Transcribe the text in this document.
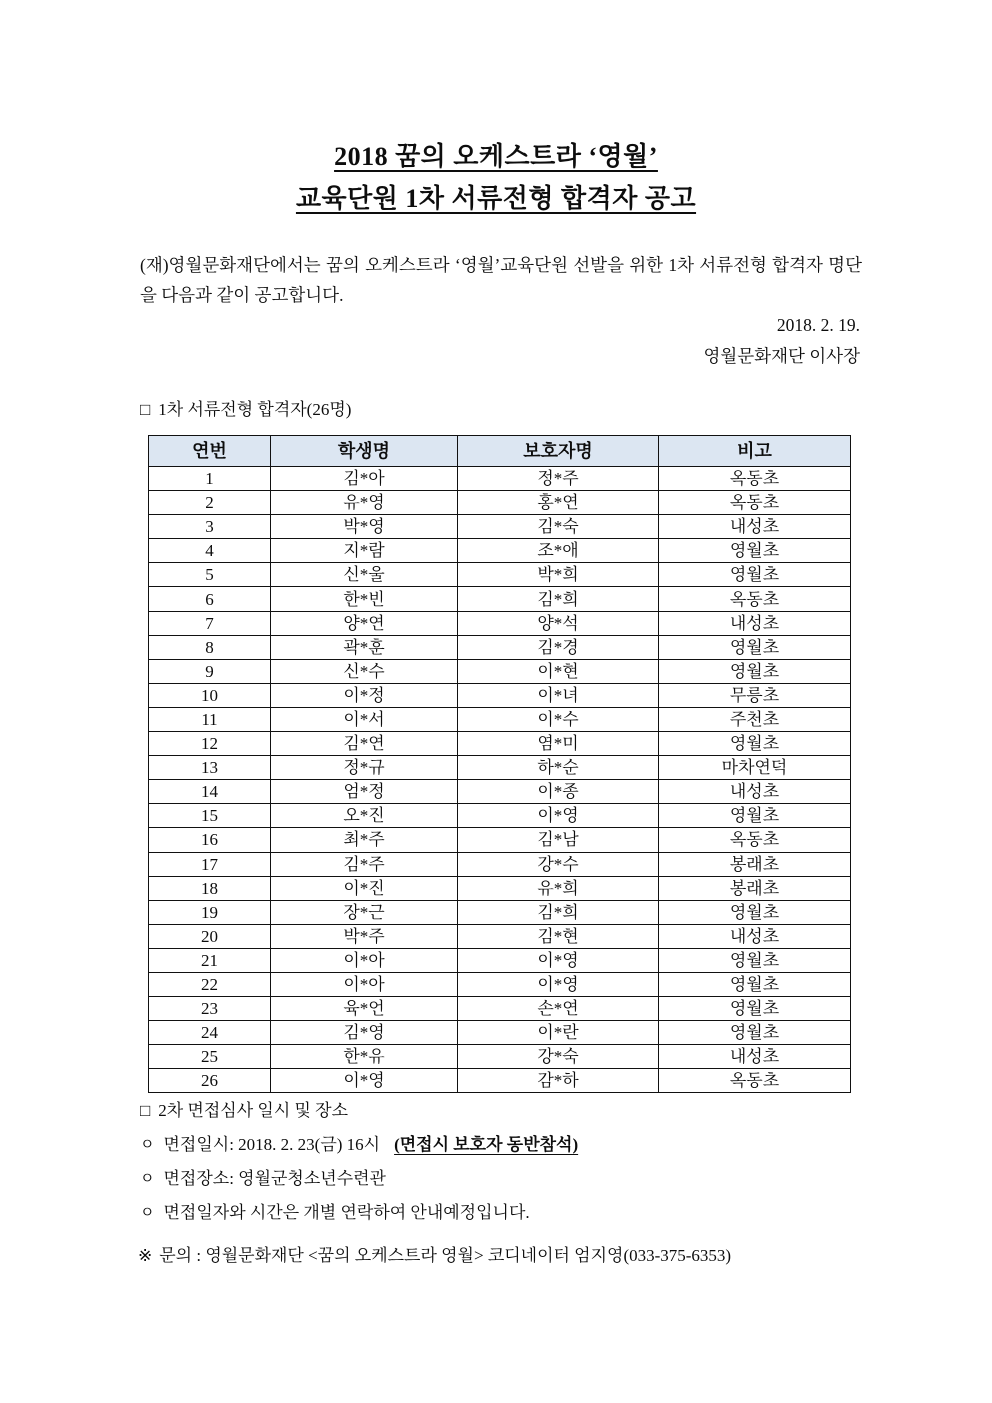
2018 꿈의 오케스트라 ‘영월’
교육단원 1차 서류전형 합격자 공고

(재)영월문화재단에서는 꿈의 오케스트라 ‘영월’교육단원 선발을 위한 1차 서류전형 합격자 명단을 다음과 같이 공고합니다.

2018. 2. 19.
영월문화재단 이사장
□ 1차 서류전형 합격자(26명)
연번	학생명	보호자명	비고
1	김*아	정*주	옥동초
2	유*영	홍*연	옥동초
3	박*영	김*숙	내성초
4	지*람	조*애	영월초
5	신*울	박*희	영월초
6	한*빈	김*희	옥동초
7	양*연	양*석	내성초
8	곽*훈	김*경	영월초
9	신*수	이*현	영월초
10	이*정	이*녀	무릉초
11	이*서	이*수	주천초
12	김*연	염*미	영월초
13	정*규	하*순	마차연덕
14	엄*정	이*종	내성초
15	오*진	이*영	영월초
16	최*주	김*남	옥동초
17	김*주	강*수	봉래초
18	이*진	유*희	봉래초
19	장*근	김*희	영월초
20	박*주	김*현	내성초
21	이*아	이*영	영월초
22	이*아	이*영	영월초
23	육*언	손*연	영월초
24	김*영	이*란	영월초
25	한*유	강*숙	내성초
26	이*영	감*하	옥동초
□ 2차 면접심사 일시 및 장소
ㅇ 면접일시: 2018. 2. 23(금) 16시 (면접시 보호자 동반참석)
ㅇ 면접장소: 영월군청소년수련관
ㅇ 면접일자와 시간은 개별 연락하여 안내예정입니다.
※ 문의 : 영월문화재단 <꿈의 오케스트라 영월> 코디네이터 엄지영(033-375-6353)
